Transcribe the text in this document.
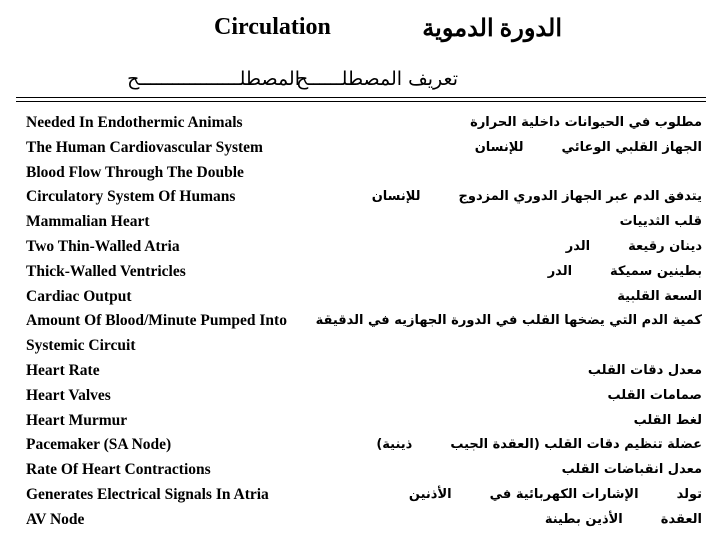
Circulation	الدورة الدموية
المصطلــــــــــــــــــح
تعريف المصطلــــــح
Needed In Endothermic Animals
The Human Cardiovascular System
Blood Flow Through The Double
Circulatory System Of Humans
Mammalian Heart
Two Thin-Walled Atria
Thick-Walled Ventricles
Cardiac Output
Amount Of Blood/Minute Pumped Into
Systemic Circuit
Heart Rate
Heart Valves
Heart Murmur
Pacemaker (SA Node)
Rate Of Heart Contractions
Generates Electrical Signals In Atria
AV Node
مطلوب في الحيوانات داخلية الحرارة
الجهاز القلبي الوعائيللإنسان
يتدفق الدم عبر الجهاز الدوري المزدوجللإنسان
قلب الثدييات
دينان رقيعةالدر
بطينين سميكةالدر
السعة القلبية
كمية الدم التي يضخها القلب في الدورة الجهازيه في الدقيقة
معدل دقات القلب
صمامات القلب
لغط القلب
عضلة تنظيم دقات القلب (العقدة الجيبذينية)
معدل انقباضات القلب
تولدالإشارات الكهربائية فيالأذنين
العقدةالأذين بطينة
